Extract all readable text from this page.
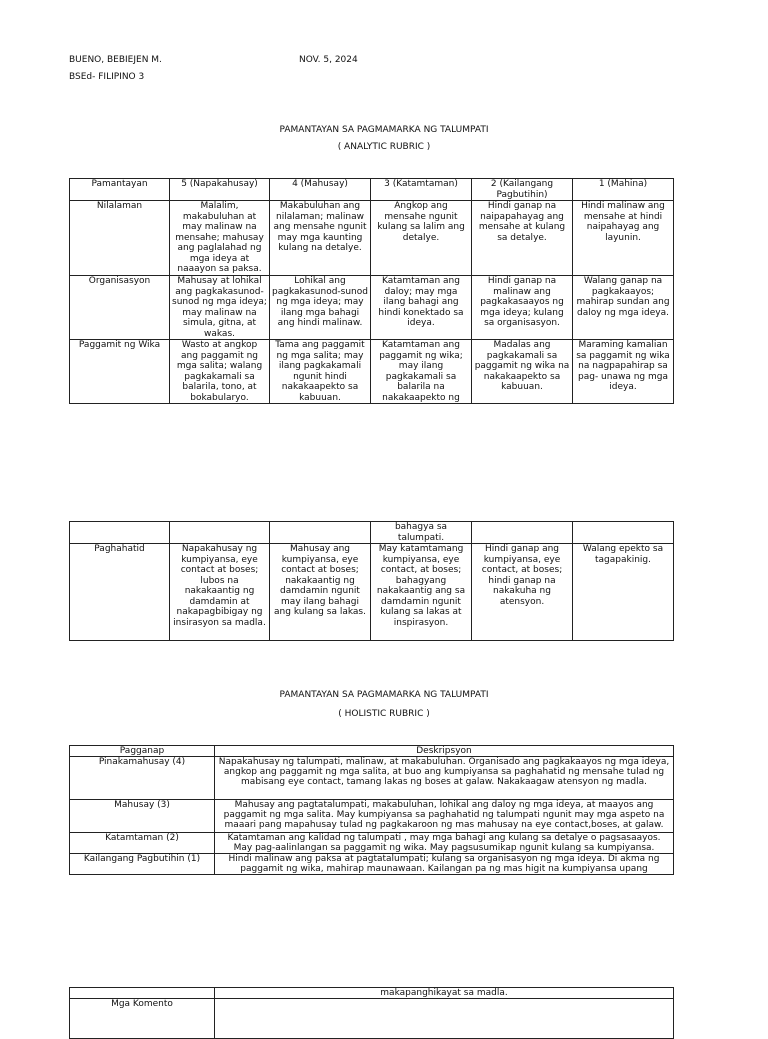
BUENO, BEBIEJEN M.	NOV. 5, 2024
BSEd- FILIPINO 3
PAMANTAYAN SA PAGMAMARKA NG TALUMPATI
( ANALYTIC RUBRIC )
Pamantayan	5 (Napakahusay)	4 (Mahusay)	3 (Katamtaman)	2 (Kailangang Pagbutihin)	1 (Mahina)
Nilalaman	Malalim, makabuluhan at may malinaw na mensahe; mahusay ang paglalahad ng mga ideya at naaayon sa paksa.	Makabuluhan ang nilalaman; malinaw ang mensahe ngunit may mga kaunting kulang na detalye.	Angkop ang mensahe ngunit kulang sa lalim ang detalye.	Hindi ganap na naipapahayag ang mensahe at kulang sa detalye.	Hindi malinaw ang mensahe at hindi naipahayag ang layunin.
Organisasyon	Mahusay at lohikal ang pagkakasunod-sunod ng mga ideya; may malinaw na simula, gitna, at wakas.	Lohikal ang pagkakasunod-sunod ng mga ideya; may ilang mga bahagi ang hindi malinaw.	Katamtaman ang daloy; may mga ilang bahagi ang hindi konektado sa ideya.	Hindi ganap na malinaw ang pagkakasaayos ng mga ideya; kulang sa organisasyon.	Walang ganap na pagkakaayos; mahirap sundan ang daloy ng mga ideya.
Paggamit ng Wika	Wasto at angkop ang paggamit ng mga salita; walang pagkakamali sa balarila, tono, at bokabularyo.	Tama ang paggamit ng mga salita; may ilang pagkakamali ngunit hindi nakakaapekto sa kabuuan.	Katamtaman ang paggamit ng wika; may ilang pagkakamali sa balarila na nakakaapekto ng	Madalas ang pagkakamali sa paggamit ng wika na nakakaapekto sa kabuuan.	Maraming kamalian sa paggamit ng wika na nagpapahirap sa pag- unawa ng mga ideya.
			bahagya sa talumpati.		
Paghahatid	Napakahusay ng kumpiyansa, eye contact at boses; lubos na nakakaantig ng damdamin at nakapagbibigay ng insirasyon sa madla.	Mahusay ang kumpiyansa, eye contact at boses; nakakaantig ng damdamin ngunit may ilang bahagi ang kulang sa lakas.	May katamtamang kumpiyansa, eye contact, at boses; bahagyang nakakaantig ang sa damdamin ngunit kulang sa lakas at inspirasyon.	Hindi ganap ang kumpiyansa, eye contact, at boses; hindi ganap na nakakuha ng atensyon.	Walang epekto sa tagapakinig.
PAMANTAYAN SA PAGMAMARKA NG TALUMPATI
( HOLISTIC RUBRIC )
Pagganap	Deskripsyon
Pinakamahusay (4)	Napakahusay ng talumpati, malinaw, at makabuluhan. Organisado ang pagkakaayos ng mga ideya, angkop ang paggamit ng mga salita, at buo ang kumpiyansa sa paghahatid ng mensahe tulad ng mabisang eye contact, tamang lakas ng boses at galaw. Nakakaagaw atensyon ng madla.
Mahusay (3)	Mahusay ang pagtatalumpati, makabuluhan, lohikal ang daloy ng mga ideya, at maayos ang paggamit ng mga salita. May kumpiyansa sa paghahatid ng talumpati ngunit may mga aspeto na maaari pang mapahusay tulad ng pagkakaroon ng mas mahusay na eye contact,boses, at galaw.
Katamtaman (2)	Katamtaman ang kalidad ng talumpati , may mga bahagi ang kulang sa detalye o pagsasaayos. May pag-aalinlangan sa paggamit ng wika. May pagsusumikap ngunit kulang sa kumpiyansa.
Kailangang Pagbutihin (1)	Hindi malinaw ang paksa at pagtatalumpati; kulang sa organisasyon ng mga ideya. Di akma ng paggamit ng wika, mahirap maunawaan. Kailangan pa ng mas higit na kumpiyansa upang
	makapanghikayat sa madla.
Mga Komento	
